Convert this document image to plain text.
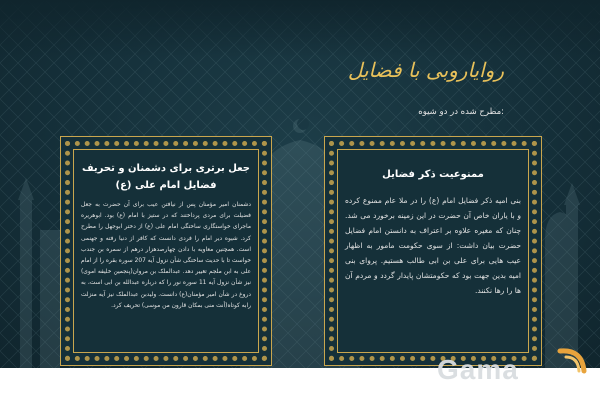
روایاروبی با فضایل
:مطرح شده در دو شیوه
جعل برتری برای دشمنان و تحریف فضایل امام علی (ع)

دشمنان امیر مؤمنان پس از نیافتن عیب برای آن حضرت به جعل فضیلت برای مردی پرداختند که در ستیز با امام (ع) بود. ابوهریره ماجرای خواستگاری ساختگی امام علی (ع) از دختر ابوجهل را مطرح کرد. شیوه دیر امام را فردی دانست که کافر از دنیا رفته و جهنمی است. همچنین معاویه با دادن چهارصدهزار درهم از سمره بن جندب خواست تا با حدیث ساختگی شأن نزول آیه 207 سوره بقره را از امام علی به ابن ملجم تغییر دهد. عبدالملک بن مروان(پنجمین خلیفه اموی) نیز شأن نزول آیه 11 سوره نور را که درباره عبدالله بن ابی است، به دروغ در شأن امیر مؤمنان(ع) دانست. ولیدبن عبدالملک نیز آیه منزلت رابه کوتاه(أنت منی بمکان قارون من موسی) تحریف کرد.

ممنوعیت ذکر فضایل

بنی امیه ذکر فضایل امام (ع) را در ملا عام ممنوع کرده و با یاران خاص آن حضرت در این زمینه برخورد می شد. چنان که مغیره علاوه بر اعتراف به دانستن امام فضایل حضرت بیان داشت: از سوی حکومت مامور به اظهار عیب هایی برای علی بن ابی طالب هستیم. پروای بنی امیه بدین جهت بود که حکومتشان پایدار گردد و مردم آن ها را رها نکنند.

Gama
